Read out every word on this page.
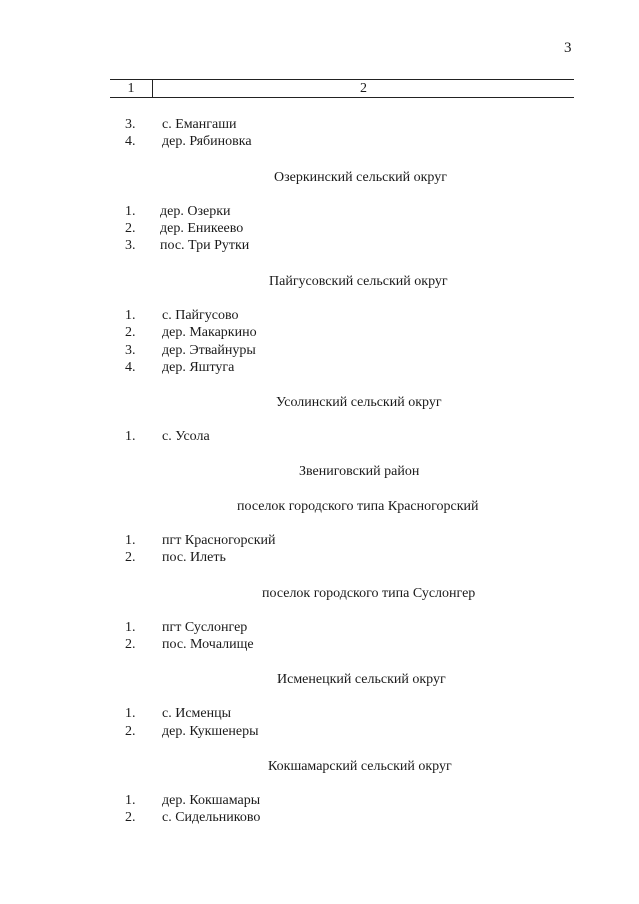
3
1	2
3.	с. Емангаши
4.	дер. Рябиновка
Озеркинский сельский округ
1.	дер. Озерки
2.	дер. Еникеево
3.	пос. Три Рутки
Пайгусовский сельский округ
1.	с. Пайгусово
2.	дер. Макаркино
3.	дер. Этвайнуры
4.	дер. Яштуга
Усолинский сельский округ
1.	с. Усола
Звениговский район
поселок городского типа Красногорский
1.	пгт Красногорский
2.	пос. Илеть
поселок городского типа Суслонгер
1.	пгт Суслонгер
2.	пос. Мочалище
Исменецкий сельский округ
1.	с. Исменцы
2.	дер. Кукшенеры
Кокшамарский сельский округ
1.	дер. Кокшамары
2.	с. Сидельниково
